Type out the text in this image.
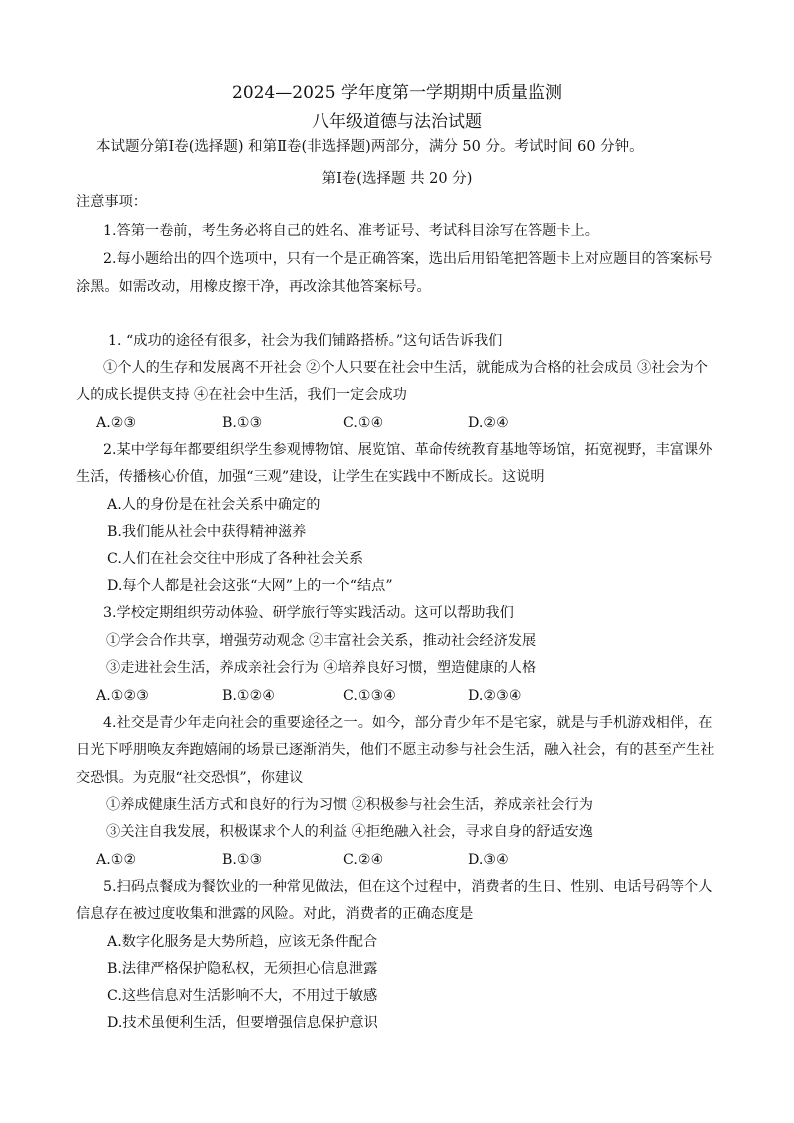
2024—2025 学年度第一学期期中质量监测
八年级道德与法治试题
本试题分第Ⅰ卷(选择题) 和第Ⅱ卷(非选择题)两部分，满分 50 分。考试时间 60 分钟。
第Ⅰ卷(选择题 共 20 分)
注意事项：
1.答第一卷前，考生务必将自己的姓名、准考证号、考试科目涂写在答题卡上。
2.每小题给出的四个选项中，只有一个是正确答案，选出后用铅笔把答题卡上对应题目的答案标号
涂黑。如需改动，用橡皮擦干净，再改涂其他答案标号。
1. “成功的途径有很多，社会为我们铺路搭桥。”这句话告诉我们
①个人的生存和发展离不开社会 ②个人只要在社会中生活，就能成为合格的社会成员 ③社会为个
人的成长提供支持 ④在社会中生活，我们一定会成功
A.②③	B.①③	C.①④	D.②④
2.某中学每年都要组织学生参观博物馆、展览馆、革命传统教育基地等场馆，拓宽视野，丰富课外
生活，传播核心价值，加强“三观”建设，让学生在实践中不断成长。这说明
A.人的身份是在社会关系中确定的
B.我们能从社会中获得精神滋养
C.人们在社会交往中形成了各种社会关系
D.每个人都是社会这张“大网”上的一个“结点”
3.学校定期组织劳动体验、研学旅行等实践活动。这可以帮助我们
①学会合作共享，增强劳动观念 ②丰富社会关系，推动社会经济发展
③走进社会生活，养成亲社会行为 ④培养良好习惯，塑造健康的人格
A.①②③	B.①②④	C.①③④	D.②③④
4.社交是青少年走向社会的重要途径之一。如今，部分青少年不是宅家，就是与手机游戏相伴，在
日光下呼朋唤友奔跑嬉闹的场景已逐渐消失，他们不愿主动参与社会生活，融入社会，有的甚至产生社
交恐惧。为克服“社交恐惧”，你建议
①养成健康生活方式和良好的行为习惯 ②积极参与社会生活，养成亲社会行为
③关注自我发展，积极谋求个人的利益 ④拒绝融入社会，寻求自身的舒适安逸
A.①②	B.①③	C.②④	D.③④
5.扫码点餐成为餐饮业的一种常见做法，但在这个过程中，消费者的生日、性别、电话号码等个人
信息存在被过度收集和泄露的风险。对此，消费者的正确态度是
A.数字化服务是大势所趋，应该无条件配合
B.法律严格保护隐私权，无须担心信息泄露
C.这些信息对生活影响不大，不用过于敏感
D.技术虽便利生活，但要增强信息保护意识
